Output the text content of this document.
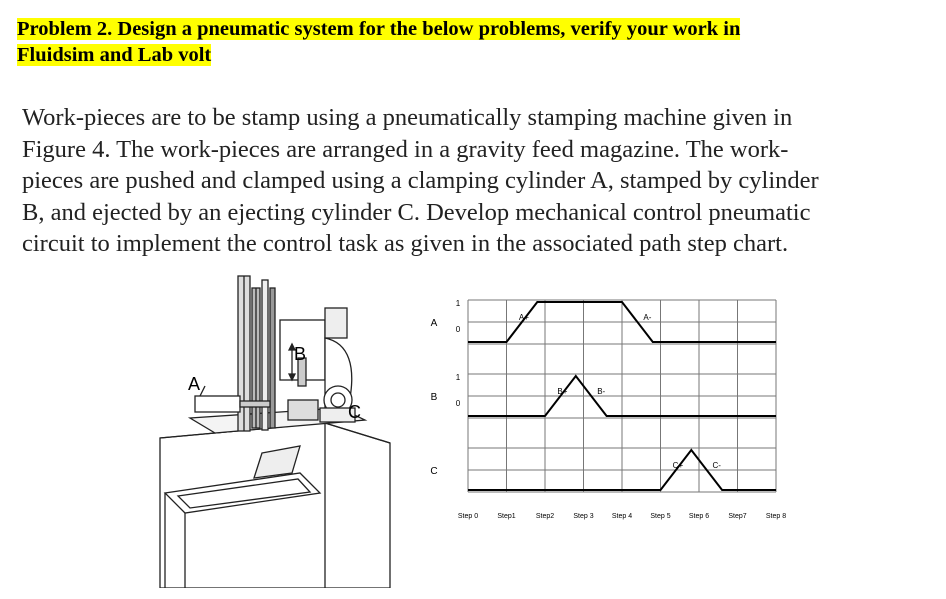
Problem 2. Design a pneumatic system for the below problems, verify your work in
Fluidsim and Lab volt
Work-pieces are to be stamp using a pneumatically stamping machine given in
Figure 4. The work-pieces are arranged in a gravity feed magazine. The work-
pieces are pushed and clamped using a clamping cylinder A, stamped by cylinder
B, and ejected by an ejecting cylinder C. Develop mechanical control pneumatic
circuit to implement the control task as given in the associated path step chart.
A
B
C
Step 0	Step1	Step2	Step 3	Step 4	Step 5	Step 6	Step7	Step 8
A
1
0
A+	A-
B
1
0
B+	B-
C
C+	C-
